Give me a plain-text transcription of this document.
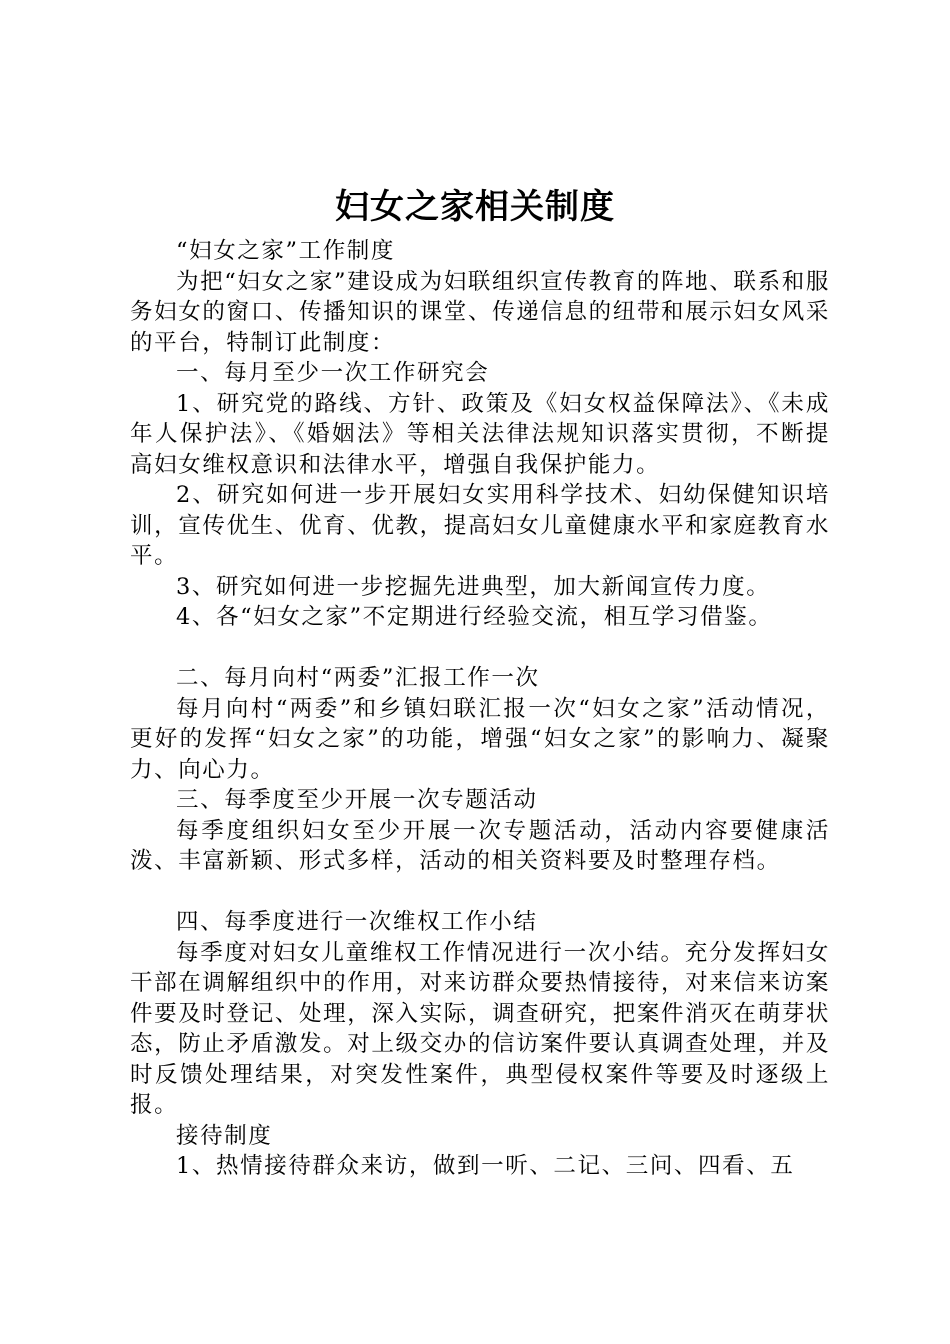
妇女之家相关制度

“妇女之家”工作制度

为把“妇女之家”建设成为妇联组织宣传教育的阵地、联系和服务妇女的窗口、传播知识的课堂、传递信息的纽带和展示妇女风采的平台，特制订此制度：

一、每月至少一次工作研究会

1、研究党的路线、方针、政策及《妇女权益保障法》、《未成年人保护法》、《婚姻法》等相关法律法规知识落实贯彻，不断提高妇女维权意识和法律水平，增强自我保护能力。

2、研究如何进一步开展妇女实用科学技术、妇幼保健知识培训，宣传优生、优育、优教，提高妇女儿童健康水平和家庭教育水平。

3、研究如何进一步挖掘先进典型，加大新闻宣传力度。

4、各“妇女之家”不定期进行经验交流，相互学习借鉴。

二、每月向村“两委”汇报工作一次

每月向村“两委”和乡镇妇联汇报一次“妇女之家”活动情况，更好的发挥“妇女之家”的功能，增强“妇女之家”的影响力、凝聚力、向心力。

三、每季度至少开展一次专题活动

每季度组织妇女至少开展一次专题活动，活动内容要健康活泼、丰富新颖、形式多样，活动的相关资料要及时整理存档。

四、每季度进行一次维权工作小结

每季度对妇女儿童维权工作情况进行一次小结。充分发挥妇女干部在调解组织中的作用，对来访群众要热情接待，对来信来访案件要及时登记、处理，深入实际，调查研究，把案件消灭在萌芽状态，防止矛盾激发。对上级交办的信访案件要认真调查处理，并及时反馈处理结果，对突发性案件，典型侵权案件等要及时逐级上报。

接待制度

1、热情接待群众来访，做到一听、二记、三问、四看、五
